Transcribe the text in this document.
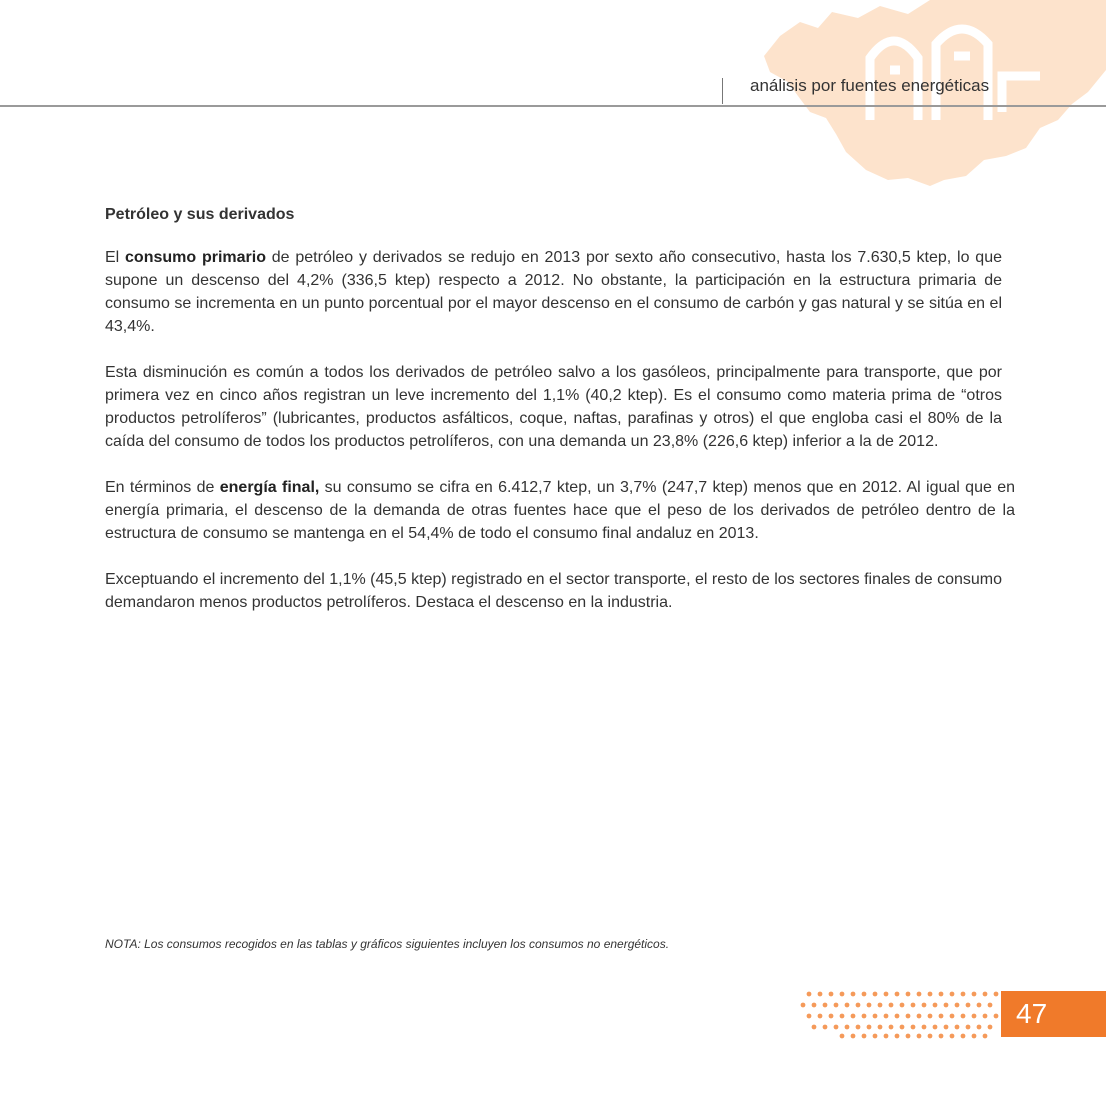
análisis por fuentes energéticas
Petróleo y sus derivados

El consumo primario de petróleo y derivados se redujo en 2013 por sexto año consecutivo, hasta los 7.630,5 ktep, lo que supone un descenso del 4,2% (336,5 ktep) respecto a 2012. No obstante, la participación en la estructura primaria de consumo se incrementa en un punto porcentual por el mayor descenso en el consumo de carbón y gas natural y se sitúa en el 43,4%.

Esta disminución es común a todos los derivados de petróleo salvo a los gasóleos, principalmente para transporte, que por primera vez en cinco años registran un leve incremento del 1,1% (40,2 ktep). Es el consumo como materia prima de “otros productos petrolíferos” (lubricantes, productos asfálticos, coque, naftas, parafinas y otros) el que engloba casi el 80% de la caída del consumo de todos los productos petrolíferos, con una demanda un 23,8% (226,6 ktep) inferior a la de 2012.

En términos de energía final, su consumo se cifra en 6.412,7 ktep, un 3,7% (247,7 ktep) menos que en 2012. Al igual que en energía primaria, el descenso de la demanda de otras fuentes hace que el peso de los derivados de petróleo dentro de la estructura de consumo se mantenga en el 54,4% de todo el consumo final andaluz en 2013.

Exceptuando el incremento del 1,1% (45,5 ktep) registrado en el sector transporte, el resto de los sectores finales de consumo demandaron menos productos petrolíferos. Destaca el descenso en la industria.

NOTA: Los consumos recogidos en las tablas y gráficos siguientes incluyen los consumos no energéticos.
47
